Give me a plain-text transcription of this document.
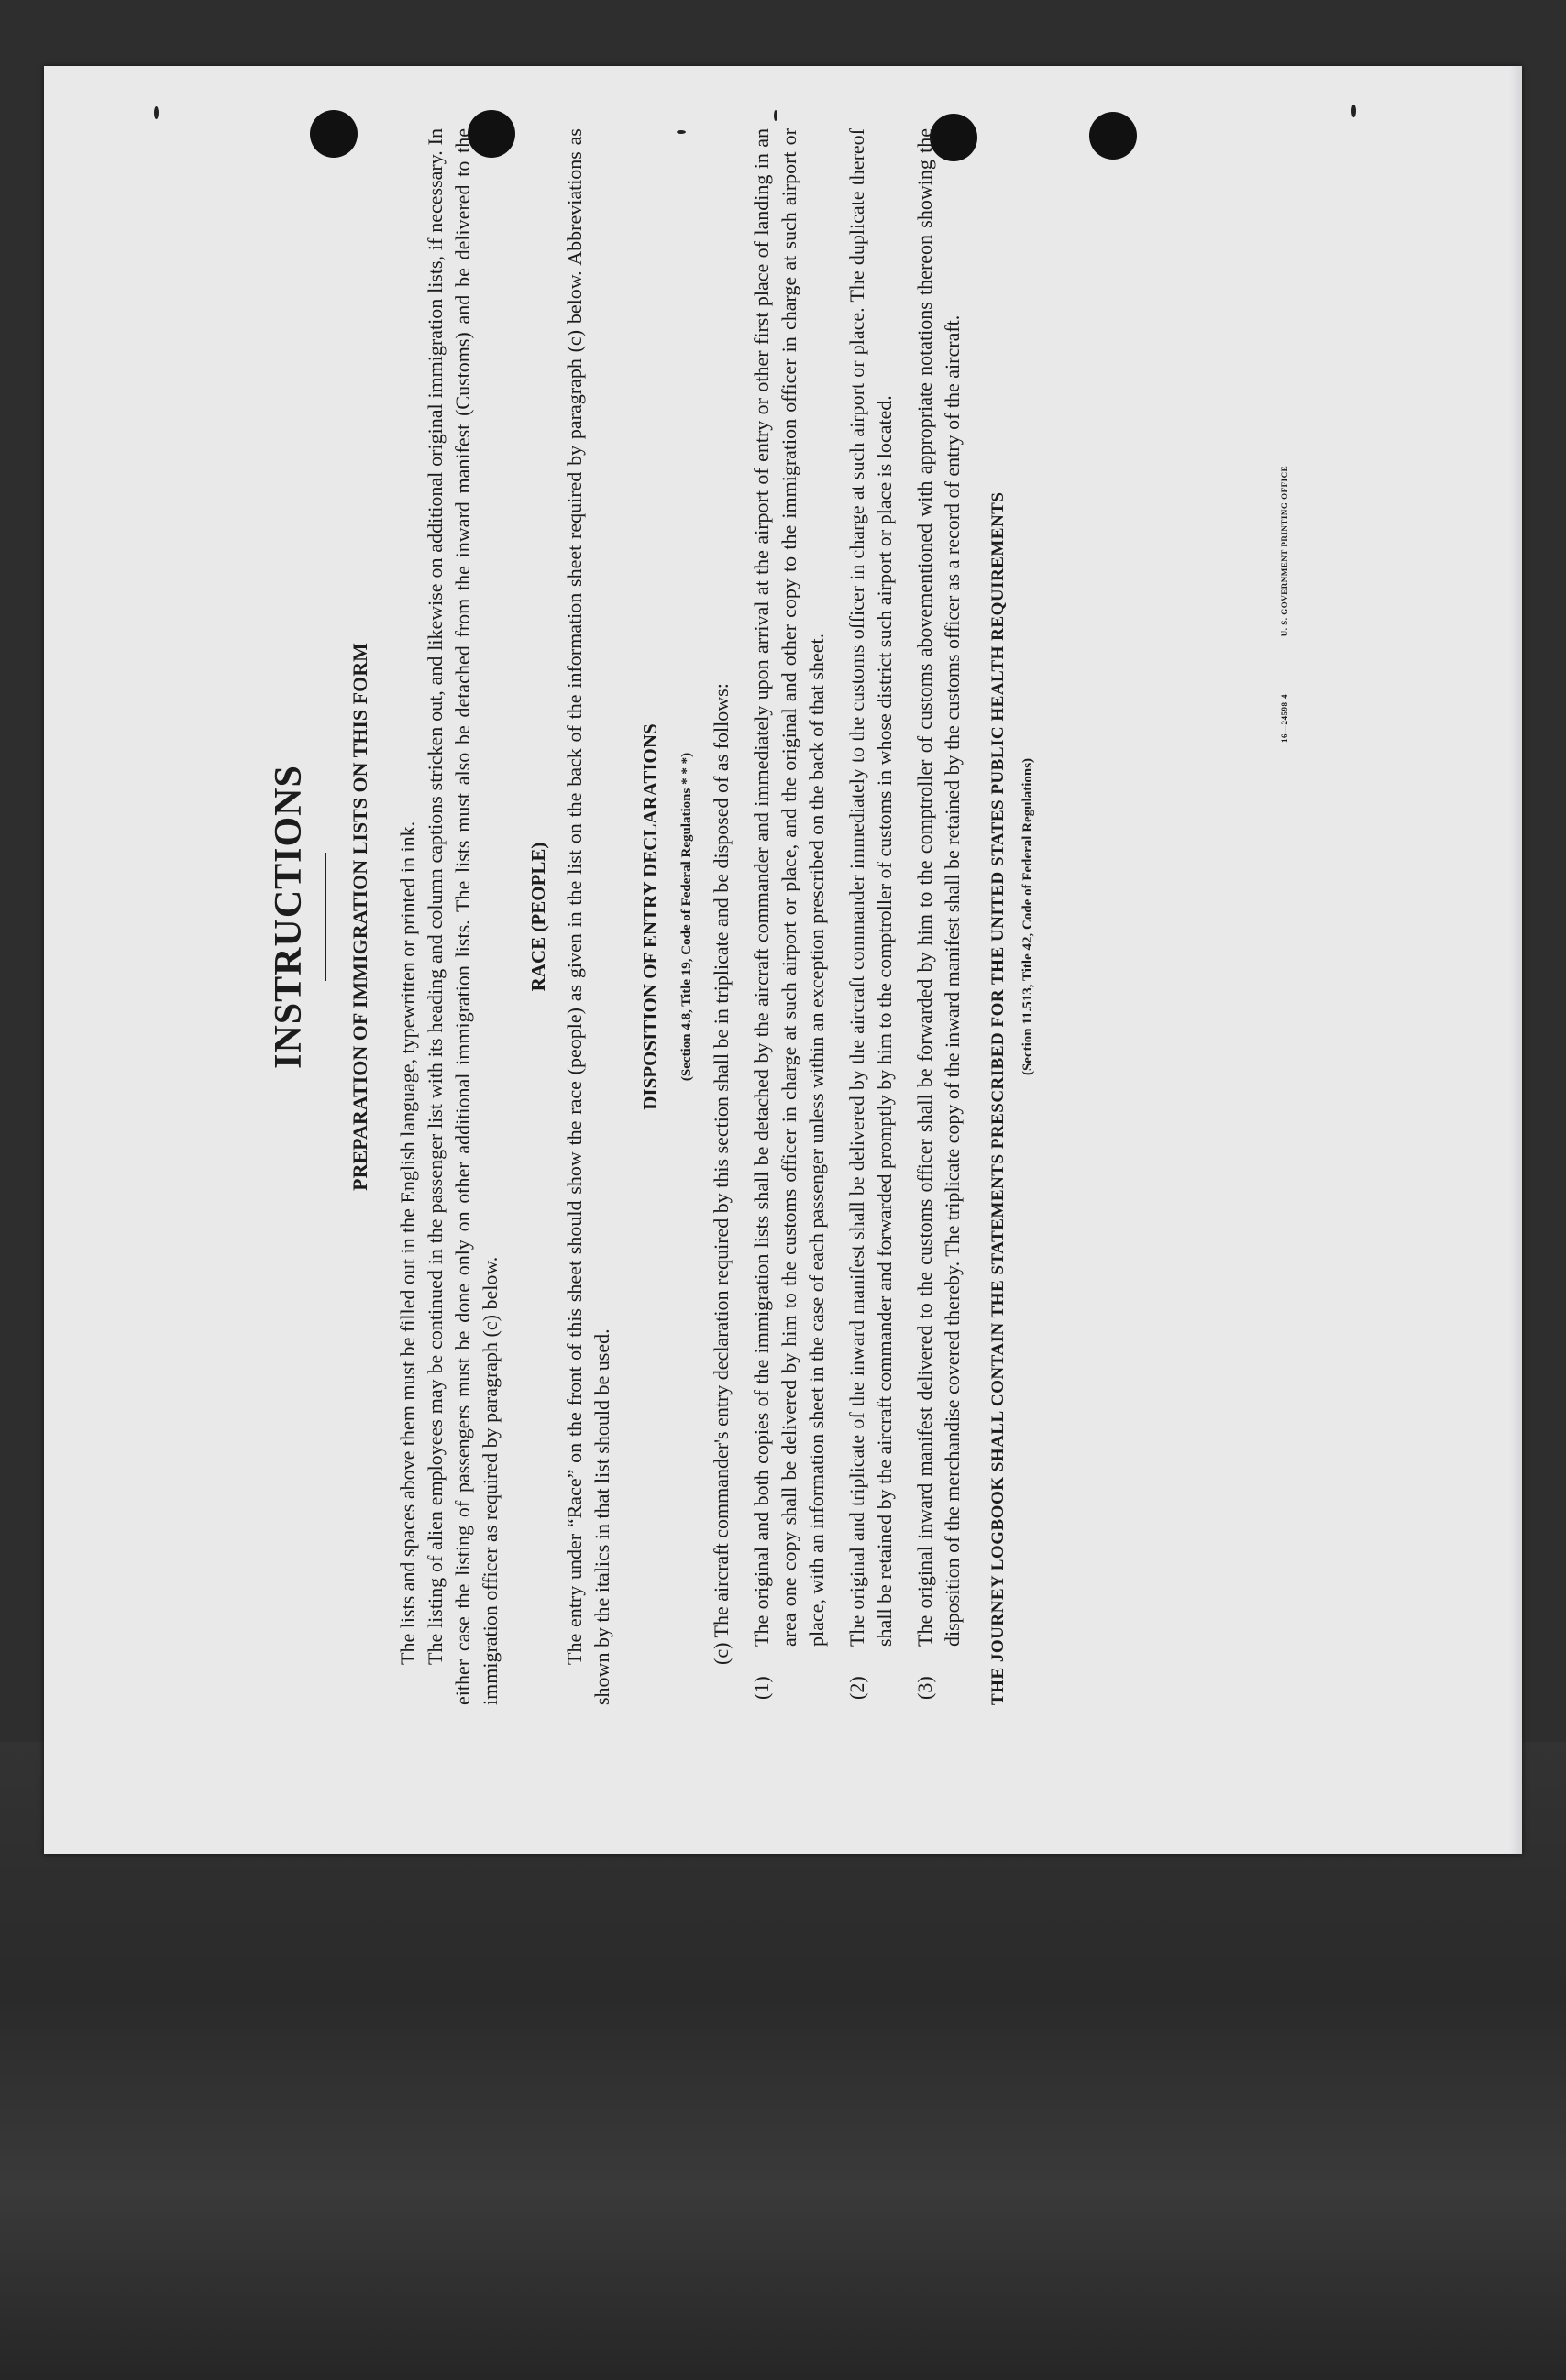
INSTRUCTIONS PREPARATION OF IMMIGRATION LISTS ON THIS FORM The lists and spaces above them must be filled out in the English language, typewritten or printed in ink. The listing of alien employees may be continued in the passenger list with its heading and column captions stricken out, and likewise on additional original immigration lists, if necessary. In either case the listing of passengers must be done only on other additional immigration lists. The lists must also be detached from the inward manifest (Customs) and be delivered to the immigration officer as required by paragraph (c) below.

RACE (PEOPLE) The entry under “Race” on the front of this sheet should show the race (people) as given in the list on the back of the information sheet required by paragraph (c) below. Abbreviations as shown by the italics in that list should be used.

DISPOSITION OF ENTRY DECLARATIONS	(Section 4.8, Title 19, Code of Federal Regulations * * *) (c) The aircraft commander's entry declaration required by this section shall be in triplicate and be disposed of as follows:

(1)
The original and both copies of the immigration lists shall be detached by the aircraft commander and immediately upon arrival at the airport of entry or other first place of landing in an area one copy shall be delivered by him to the customs officer in charge at such airport or place, and the original and other copy to the immigration officer in charge at such airport or place, with an information sheet in the case of each passenger unless within an exception prescribed on the back of that sheet.
(2)
The original and triplicate of the inward manifest shall be delivered by the aircraft commander immediately to the customs officer in charge at such airport or place. The duplicate thereof shall be retained by the aircraft commander and forwarded promptly by him to the comptroller of customs in whose district such airport or place is located.
(3)
The original inward manifest delivered to the customs officer shall be forwarded by him to the comptroller of customs abovementioned with appropriate notations thereon showing the disposition of the merchandise covered thereby. The triplicate copy of the inward manifest shall be retained by the customs officer as a record of entry of the aircraft. THE JOURNEY LOGBOOK SHALL CONTAIN THE STATEMENTS PRESCRIBED FOR THE UNITED STATES PUBLIC HEALTH REQUIREMENTS (Section 11.513, Title 42, Code of Federal Regulations)
16—24598-4 U. S. GOVERNMENT PRINTING OFFICE
